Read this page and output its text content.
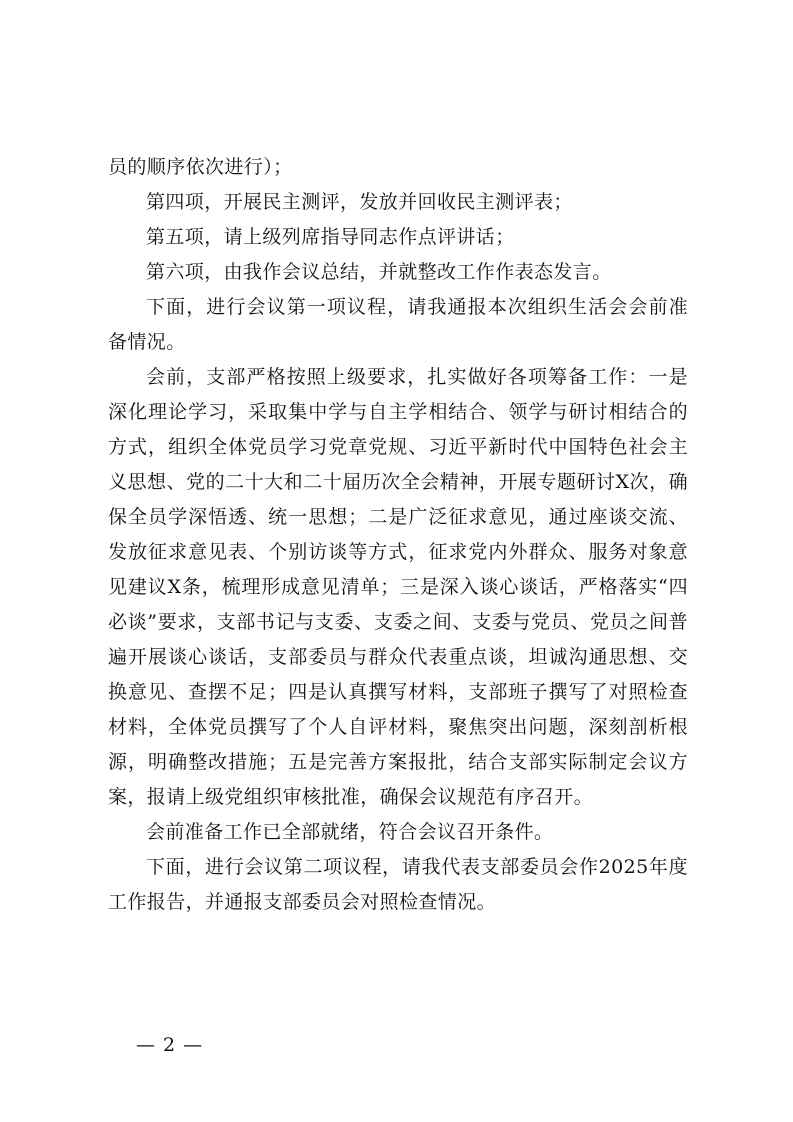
员的顺序依次进行）；

第四项，开展民主测评，发放并回收民主测评表；

第五项，请上级列席指导同志作点评讲话；

第六项，由我作会议总结，并就整改工作作表态发言。

下面，进行会议第一项议程，请我通报本次组织生活会会前准备情况。

会前，支部严格按照上级要求，扎实做好各项筹备工作：一是深化理论学习，采取集中学与自主学相结合、领学与研讨相结合的方式，组织全体党员学习党章党规、习近平新时代中国特色社会主义思想、党的二十大和二十届历次全会精神，开展专题研讨X次，确保全员学深悟透、统一思想；二是广泛征求意见，通过座谈交流、发放征求意见表、个别访谈等方式，征求党内外群众、服务对象意见建议X条，梳理形成意见清单；三是深入谈心谈话，严格落实“四必谈”要求，支部书记与支委、支委之间、支委与党员、党员之间普遍开展谈心谈话，支部委员与群众代表重点谈，坦诚沟通思想、交换意见、查摆不足；四是认真撰写材料，支部班子撰写了对照检查材料，全体党员撰写了个人自评材料，聚焦突出问题，深刻剖析根源，明确整改措施；五是完善方案报批，结合支部实际制定会议方案，报请上级党组织审核批准，确保会议规范有序召开。

会前准备工作已全部就绪，符合会议召开条件。

下面，进行会议第二项议程，请我代表支部委员会作2025年度工作报告，并通报支部委员会对照检查情况。

— 2 —
